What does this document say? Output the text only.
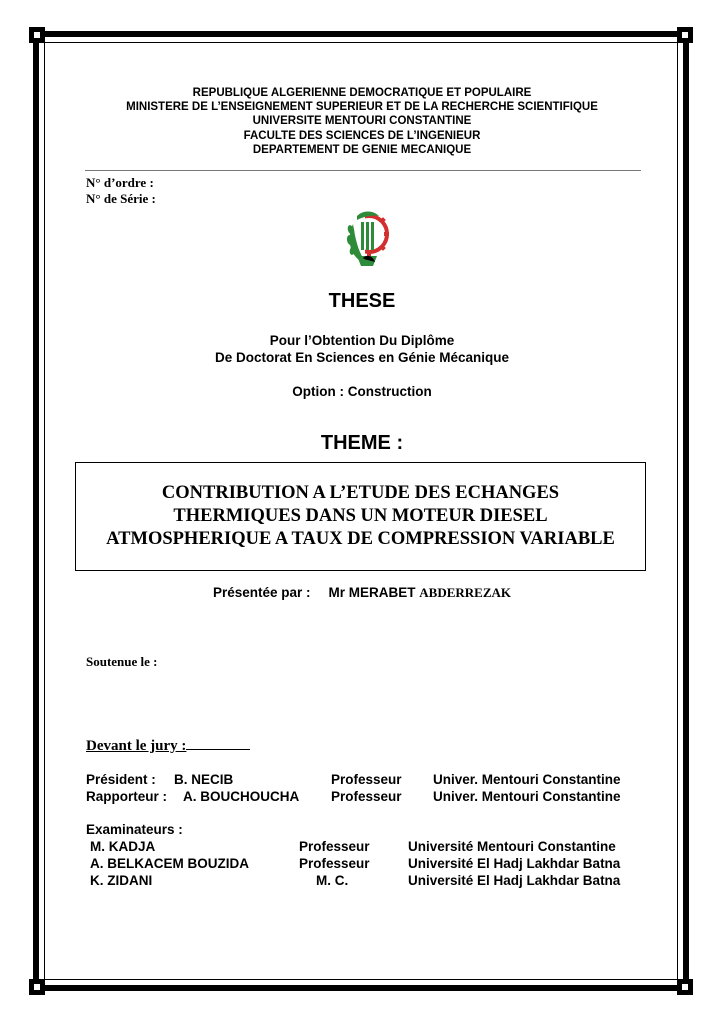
REPUBLIQUE ALGERIENNE DEMOCRATIQUE ET POPULAIRE
MINISTERE DE L’ENSEIGNEMENT SUPERIEUR ET DE LA RECHERCHE SCIENTIFIQUE
UNIVERSITE MENTOURI CONSTANTINE
FACULTE DES SCIENCES DE L’INGENIEUR
DEPARTEMENT DE GENIE MECANIQUE
N° d’ordre :
N° de Série :
THESE
Pour l’Obtention Du Diplôme
De Doctorat En Sciences en Génie Mécanique
Option : Construction
THEME :
CONTRIBUTION A L’ETUDE DES ECHANGES
THERMIQUES DANS UN MOTEUR DIESEL
ATMOSPHERIQUE A TAUX DE COMPRESSION VARIABLE
Présentée par : Mr MERABET ABDERREZAK
Soutenue le :
Devant le jury :
Président : B. NECIB	Professeur Univer. Mentouri Constantine
Rapporteur : A. BOUCHOUCHA Professeur Univer. Mentouri Constantine
Examinateurs :
M. KADJA	Professeur	Université Mentouri Constantine
A. BELKACEM BOUZIDA	Professeur	Université El Hadj Lakhdar Batna
K. ZIDANI	M. C.	Université El Hadj Lakhdar Batna
